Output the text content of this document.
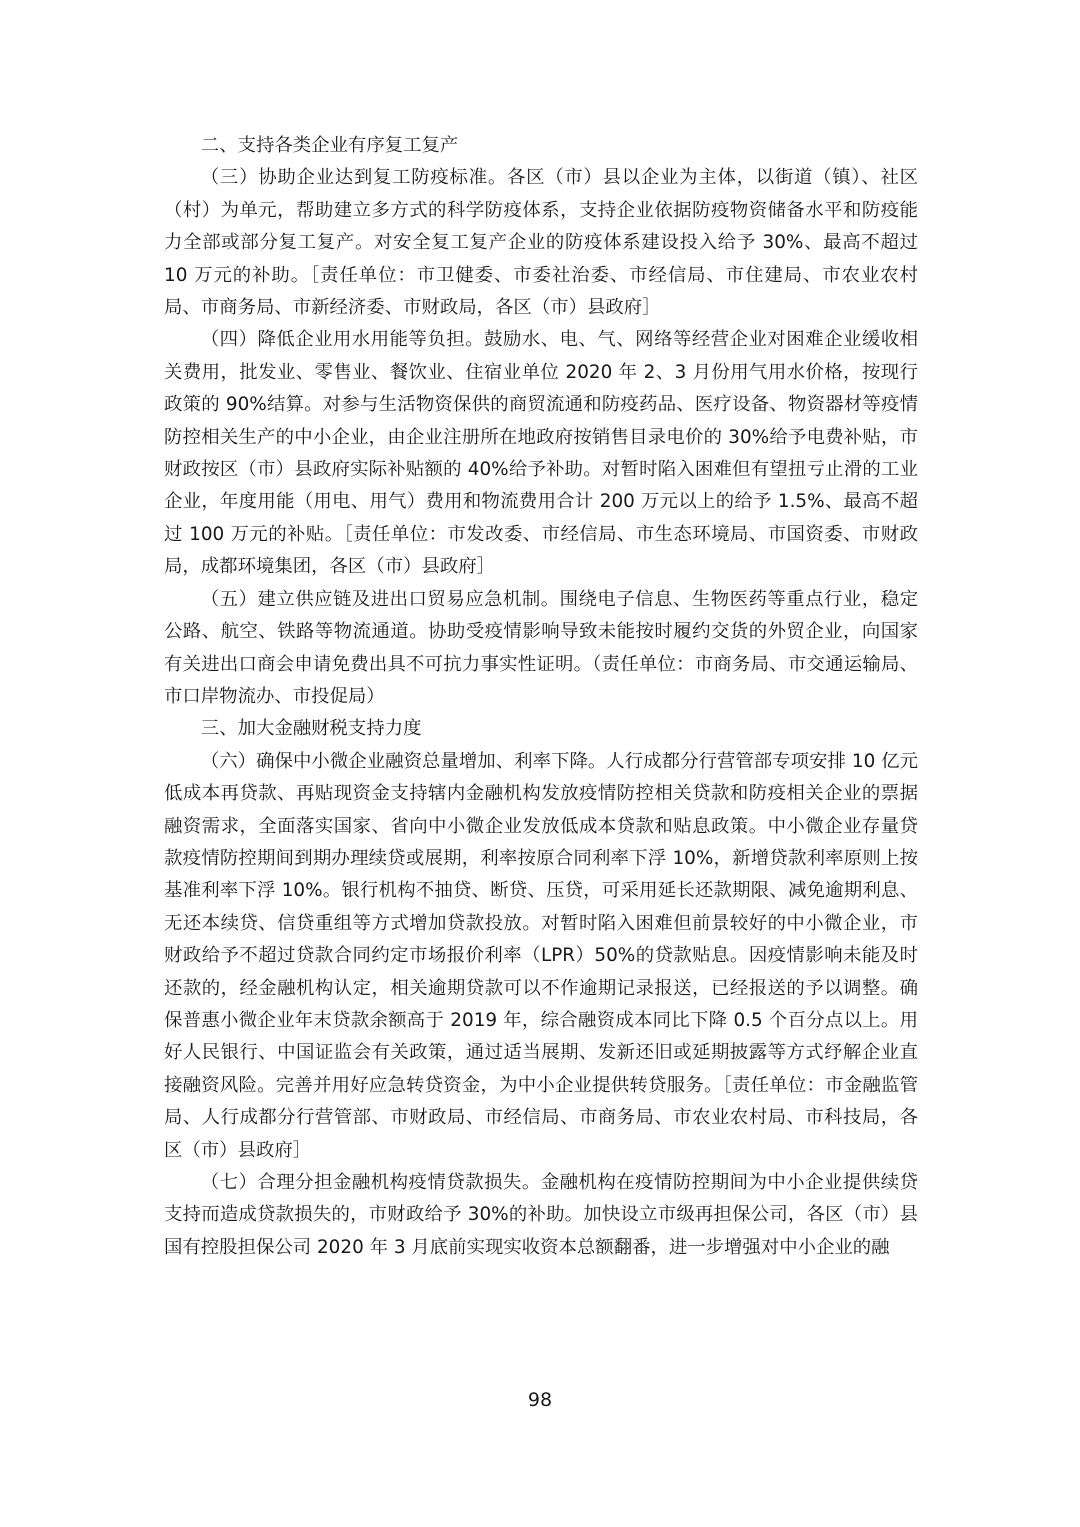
二、支持各类企业有序复工复产

（三）协助企业达到复工防疫标准。各区（市）县以企业为主体，以街道（镇）、社区（村）为单元，帮助建立多方式的科学防疫体系，支持企业依据防疫物资储备水平和防疫能力全部或部分复工复产。对安全复工复产企业的防疫体系建设投入给予 30%、最高不超过 10 万元的补助。［责任单位：市卫健委、市委社治委、市经信局、市住建局、市农业农村局、市商务局、市新经济委、市财政局，各区（市）县政府］

（四）降低企业用水用能等负担。鼓励水、电、气、网络等经营企业对困难企业缓收相关费用，批发业、零售业、餐饮业、住宿业单位 2020 年 2、3 月份用气用水价格，按现行政策的 90%结算。对参与生活物资保供的商贸流通和防疫药品、医疗设备、物资器材等疫情防控相关生产的中小企业，由企业注册所在地政府按销售目录电价的 30%给予电费补贴，市财政按区（市）县政府实际补贴额的 40%给予补助。对暂时陷入困难但有望扭亏止滑的工业企业，年度用能（用电、用气）费用和物流费用合计 200 万元以上的给予 1.5%、最高不超过 100 万元的补贴。［责任单位：市发改委、市经信局、市生态环境局、市国资委、市财政局，成都环境集团，各区（市）县政府］

（五）建立供应链及进出口贸易应急机制。围绕电子信息、生物医药等重点行业，稳定公路、航空、铁路等物流通道。协助受疫情影响导致未能按时履约交货的外贸企业，向国家有关进出口商会申请免费出具不可抗力事实性证明。（责任单位：市商务局、市交通运输局、市口岸物流办、市投促局）

三、加大金融财税支持力度

（六）确保中小微企业融资总量增加、利率下降。人行成都分行营管部专项安排 10 亿元低成本再贷款、再贴现资金支持辖内金融机构发放疫情防控相关贷款和防疫相关企业的票据融资需求，全面落实国家、省向中小微企业发放低成本贷款和贴息政策。中小微企业存量贷款疫情防控期间到期办理续贷或展期，利率按原合同利率下浮 10%，新增贷款利率原则上按基准利率下浮 10%。银行机构不抽贷、断贷、压贷，可采用延长还款期限、减免逾期利息、无还本续贷、信贷重组等方式增加贷款投放。对暂时陷入困难但前景较好的中小微企业，市财政给予不超过贷款合同约定市场报价利率（LPR）50%的贷款贴息。因疫情影响未能及时还款的，经金融机构认定，相关逾期贷款可以不作逾期记录报送，已经报送的予以调整。确保普惠小微企业年末贷款余额高于 2019 年，综合融资成本同比下降 0.5 个百分点以上。用好人民银行、中国证监会有关政策，通过适当展期、发新还旧或延期披露等方式纾解企业直接融资风险。完善并用好应急转贷资金，为中小企业提供转贷服务。［责任单位：市金融监管局、人行成都分行营管部、市财政局、市经信局、市商务局、市农业农村局、市科技局，各区（市）县政府］

（七）合理分担金融机构疫情贷款损失。金融机构在疫情防控期间为中小企业提供续贷支持而造成贷款损失的，市财政给予 30%的补助。加快设立市级再担保公司，各区（市）县国有控股担保公司 2020 年 3 月底前实现实收资本总额翻番，进一步增强对中小企业的融

98
